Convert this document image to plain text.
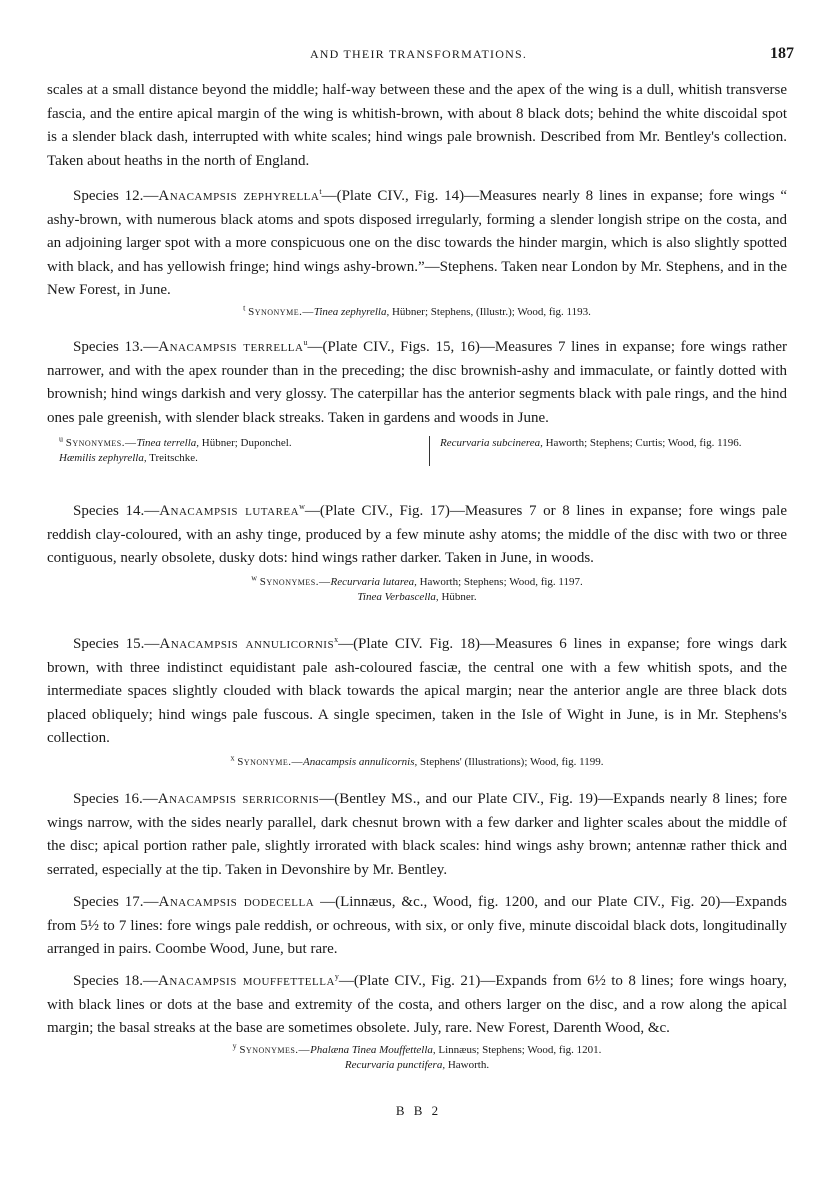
AND THEIR TRANSFORMATIONS.	187

scales at a small distance beyond the middle; half-way between these and the apex of the wing is a dull, whitish transverse fascia, and the entire apical margin of the wing is whitish-brown, with about 8 black dots; behind the white discoidal spot is a slender black dash, interrupted with white scales; hind wings pale brownish. Described from Mr. Bentley's collection. Taken about heaths in the north of England.

Species 12.—Anacampsis zephyrella$^t$—(Plate CIV., Fig. 14)—Measures nearly 8 lines in expanse; fore wings “ ashy-brown, with numerous black atoms and spots disposed irregularly, forming a slender longish stripe on the costa, and an adjoining larger spot with a more conspicuous one on the disc towards the hinder margin, which is also slightly spotted with black, and has yellowish fringe; hind wings ashy-brown.”—Stephens. Taken near London by Mr. Stephens, and in the New Forest, in June.

$^t$ Synonyme.—Tinea zephyrella, Hübner; Stephens, (Illustr.); Wood, fig. 1193.

Species 13.—Anacampsis terrella$^u$—(Plate CIV., Figs. 15, 16)—Measures 7 lines in expanse; fore wings rather narrower, and with the apex rounder than in the preceding; the disc brownish-ashy and immaculate, or faintly dotted with brownish; hind wings darkish and very glossy. The caterpillar has the anterior segments black with pale rings, and the hind ones pale greenish, with slender black streaks. Taken in gardens and woods in June.

$^u$ Synonymes.—Tinea terrella, Hübner; Duponchel.
Hæmilis zephyrella, Treitschke.
Recurvaria subcinerea, Haworth; Stephens; Curtis; Wood, fig. 1196.

Species 14.—Anacampsis lutarea$^w$—(Plate CIV., Fig. 17)—Measures 7 or 8 lines in expanse; fore wings pale reddish clay-coloured, with an ashy tinge, produced by a few minute ashy atoms; the middle of the disc with two or three contiguous, nearly obsolete, dusky dots: hind wings rather darker. Taken in June, in woods.

$^w$ Synonymes.—Recurvaria lutarea, Haworth; Stephens; Wood, fig. 1197.
Tinea Verbascella, Hübner.

Species 15.—Anacampsis annulicornis$^x$—(Plate CIV. Fig. 18)—Measures 6 lines in expanse; fore wings dark brown, with three indistinct equidistant pale ash-coloured fasciæ, the central one with a few whitish spots, and the intermediate spaces slightly clouded with black towards the apical margin; near the anterior angle are three black dots placed obliquely; hind wings pale fuscous. A single specimen, taken in the Isle of Wight in June, is in Mr. Stephens's collection.

$^x$ Synonyme.—Anacampsis annulicornis, Stephens' (Illustrations); Wood, fig. 1199.

Species 16.—Anacampsis serricornis—(Bentley MS., and our Plate CIV., Fig. 19)—Expands nearly 8 lines; fore wings narrow, with the sides nearly parallel, dark chesnut brown with a few darker and lighter scales about the middle of the disc; apical portion rather pale, slightly irrorated with black scales: hind wings ashy brown; antennæ rather thick and serrated, especially at the tip. Taken in Devonshire by Mr. Bentley.

Species 17.—Anacampsis dodecella —(Linnæus, &c., Wood, fig. 1200, and our Plate CIV., Fig. 20)—Expands from 5½ to 7 lines: fore wings pale reddish, or ochreous, with six, or only five, minute discoidal black dots, longitudinally arranged in pairs. Coombe Wood, June, but rare.

Species 18.—Anacampsis mouffettella$^y$—(Plate CIV., Fig. 21)—Expands from 6½ to 8 lines; fore wings hoary, with black lines or dots at the base and extremity of the costa, and others larger on the disc, and a row along the apical margin; the basal streaks at the base are sometimes obsolete. July, rare. New Forest, Darenth Wood, &c.

$^y$ Synonymes.—Phalæna Tinea Mouffettella, Linnæus; Stephens; Wood, fig. 1201.
Recurvaria punctifera, Haworth.

B B 2
